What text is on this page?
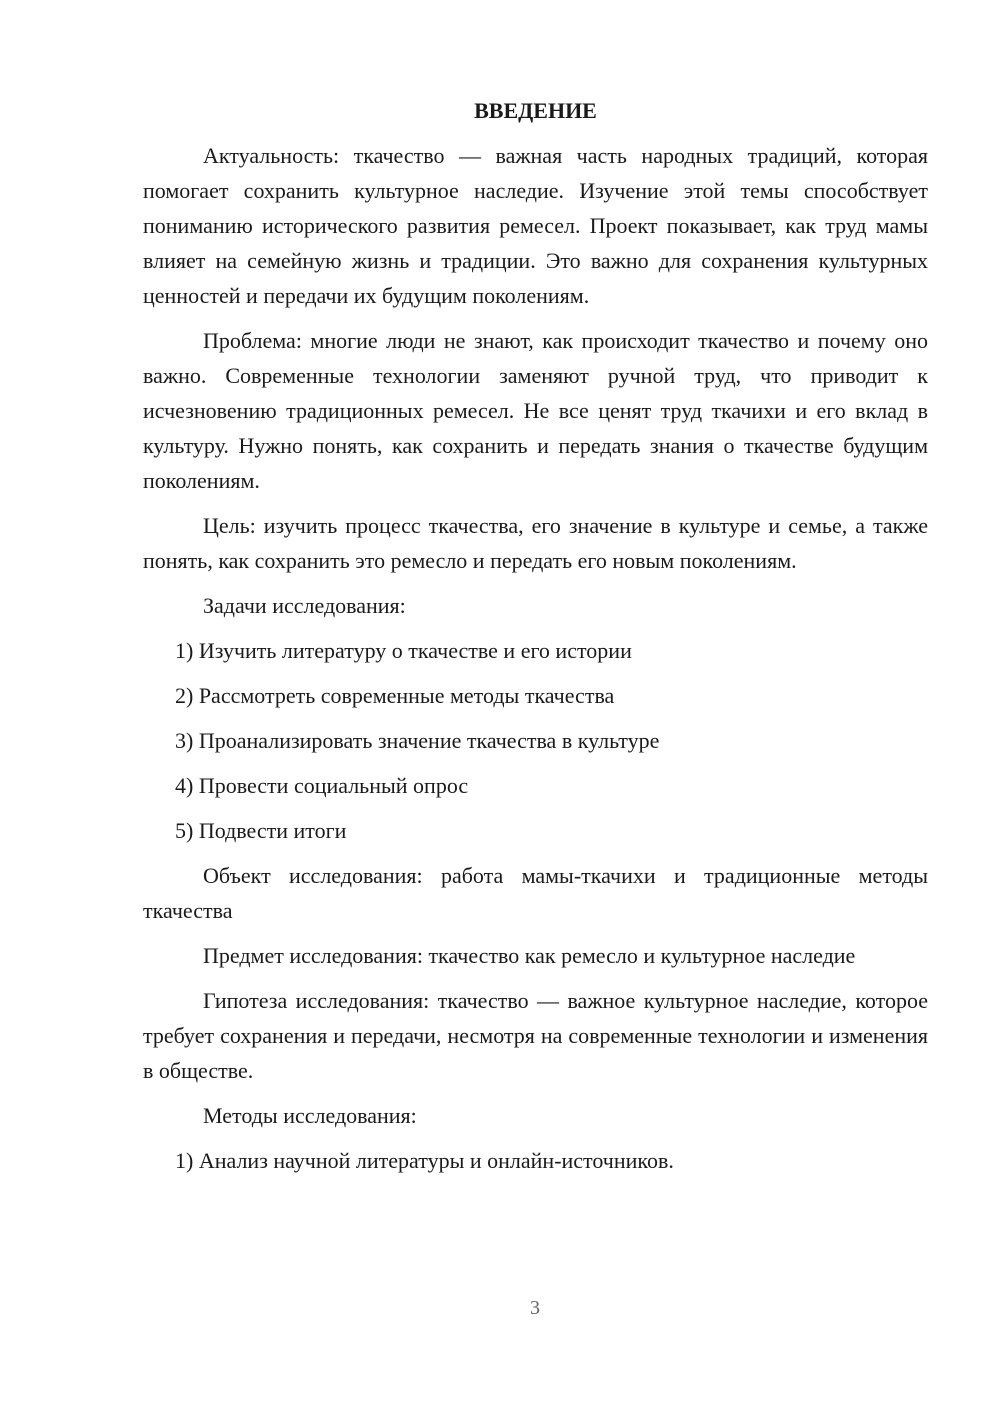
ВВЕДЕНИЕ

Актуальность: ткачество — важная часть народных традиций, которая помогает сохранить культурное наследие. Изучение этой темы способствует пониманию исторического развития ремесел. Проект показывает, как труд мамы влияет на семейную жизнь и традиции. Это важно для сохранения культурных ценностей и передачи их будущим поколениям.

Проблема: многие люди не знают, как происходит ткачество и почему оно важно. Современные технологии заменяют ручной труд, что приводит к исчезновению традиционных ремесел. Не все ценят труд ткачихи и его вклад в культуру. Нужно понять, как сохранить и передать знания о ткачестве будущим поколениям.

Цель: изучить процесс ткачества, его значение в культуре и семье, а также понять, как сохранить это ремесло и передать его новым поколениям.

Задачи исследования:

1) Изучить литературу о ткачестве и его истории
2) Рассмотреть современные методы ткачества
3) Проанализировать значение ткачества в культуре
4) Провести социальный опрос
5) Подвести итоги

Объект исследования: работа мамы-ткачихи и традиционные методы ткачества

Предмет исследования: ткачество как ремесло и культурное наследие

Гипотеза исследования: ткачество — важное культурное наследие, которое требует сохранения и передачи, несмотря на современные технологии и изменения в обществе.

Методы исследования:

1) Анализ научной литературы и онлайн-источников.
3
